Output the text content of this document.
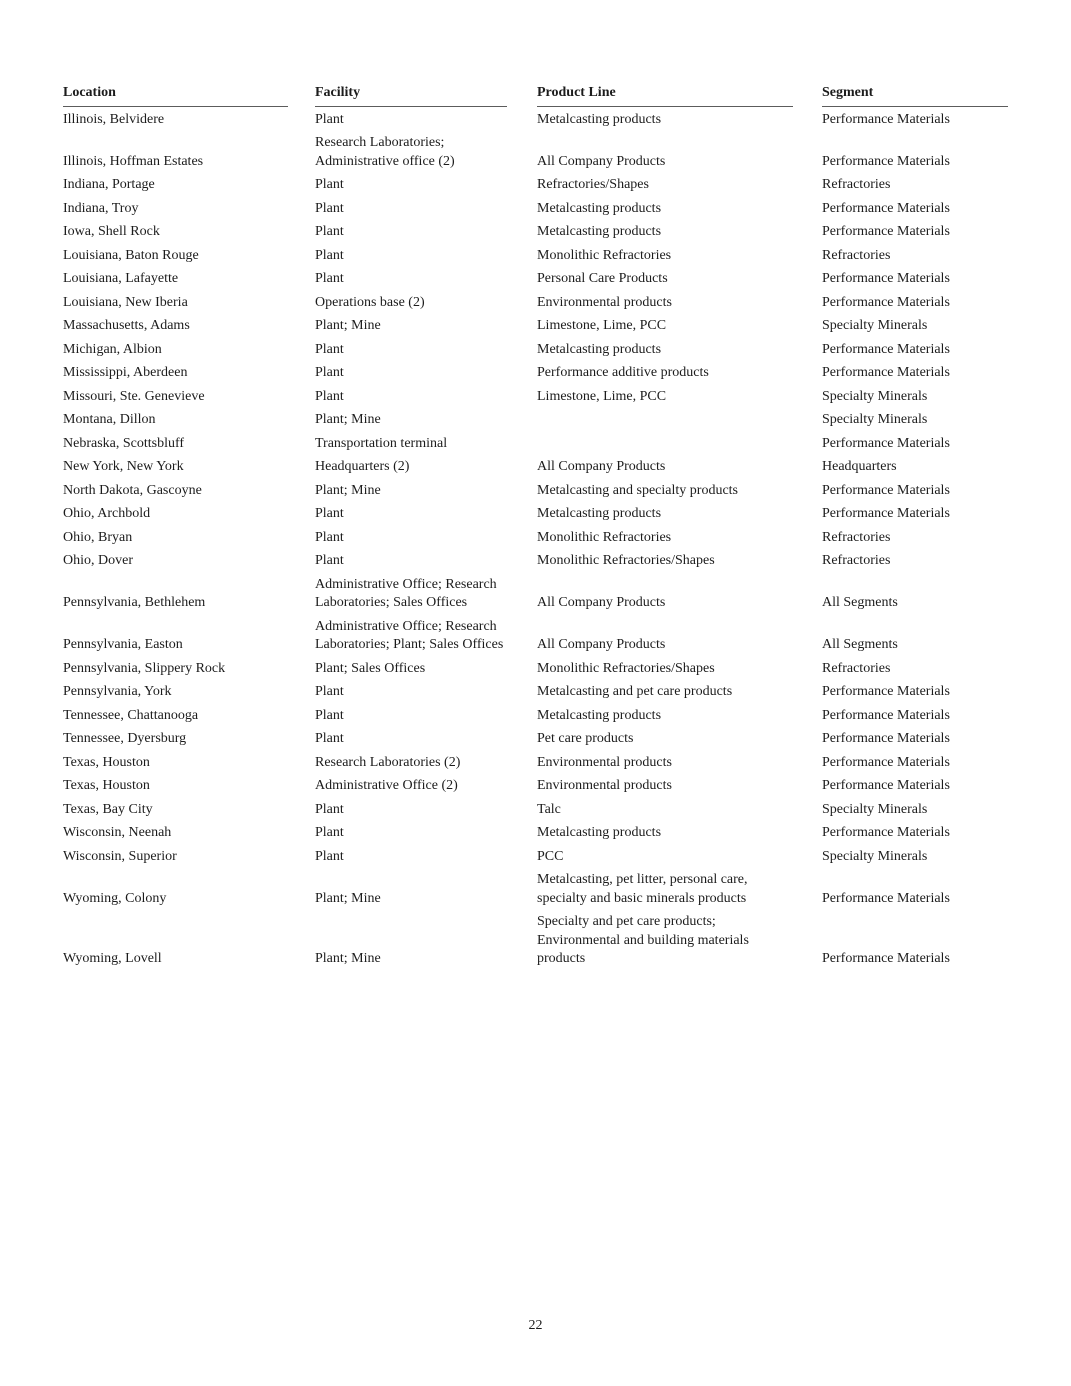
Location	Facility	Product Line	Segment

Illinois, Belvidere	Plant	Metalcasting products	Performance Materials
Illinois, Hoffman Estates	Research Laboratories; Administrative office (2)	All Company Products	Performance Materials
Indiana, Portage	Plant	Refractories/Shapes	Refractories
Indiana, Troy	Plant	Metalcasting products	Performance Materials
Iowa, Shell Rock	Plant	Metalcasting products	Performance Materials
Louisiana, Baton Rouge	Plant	Monolithic Refractories	Refractories
Louisiana, Lafayette	Plant	Personal Care Products	Performance Materials
Louisiana, New Iberia	Operations base (2)	Environmental products	Performance Materials
Massachusetts, Adams	Plant; Mine	Limestone, Lime, PCC	Specialty Minerals
Michigan, Albion	Plant	Metalcasting products	Performance Materials
Mississippi, Aberdeen	Plant	Performance additive products	Performance Materials
Missouri, Ste. Genevieve	Plant	Limestone, Lime, PCC	Specialty Minerals
Montana, Dillon	Plant; Mine		Specialty Minerals
Nebraska, Scottsbluff	Transportation terminal		Performance Materials
New York, New York	Headquarters (2)	All Company Products	Headquarters
North Dakota, Gascoyne	Plant; Mine	Metalcasting and specialty products	Performance Materials
Ohio, Archbold	Plant	Metalcasting products	Performance Materials
Ohio, Bryan	Plant	Monolithic Refractories	Refractories
Ohio, Dover	Plant	Monolithic Refractories/Shapes	Refractories
Pennsylvania, Bethlehem	Administrative Office; Research Laboratories; Sales Offices	All Company Products	All Segments
Pennsylvania, Easton	Administrative Office; Research Laboratories; Plant; Sales Offices	All Company Products	All Segments
Pennsylvania, Slippery Rock	Plant; Sales Offices	Monolithic Refractories/Shapes	Refractories
Pennsylvania, York	Plant	Metalcasting and pet care products	Performance Materials
Tennessee, Chattanooga	Plant	Metalcasting products	Performance Materials
Tennessee, Dyersburg	Plant	Pet care products	Performance Materials
Texas, Houston	Research Laboratories (2)	Environmental products	Performance Materials
Texas, Houston	Administrative Office (2)	Environmental products	Performance Materials
Texas, Bay City	Plant	Talc	Specialty Minerals
Wisconsin, Neenah	Plant	Metalcasting products	Performance Materials
Wisconsin, Superior	Plant	PCC	Specialty Minerals
Wyoming, Colony	Plant; Mine	Metalcasting, pet litter, personal care, specialty and basic minerals products	Performance Materials
Wyoming, Lovell	Plant; Mine	Specialty and pet care products; Environmental and building materials products	Performance Materials
22
